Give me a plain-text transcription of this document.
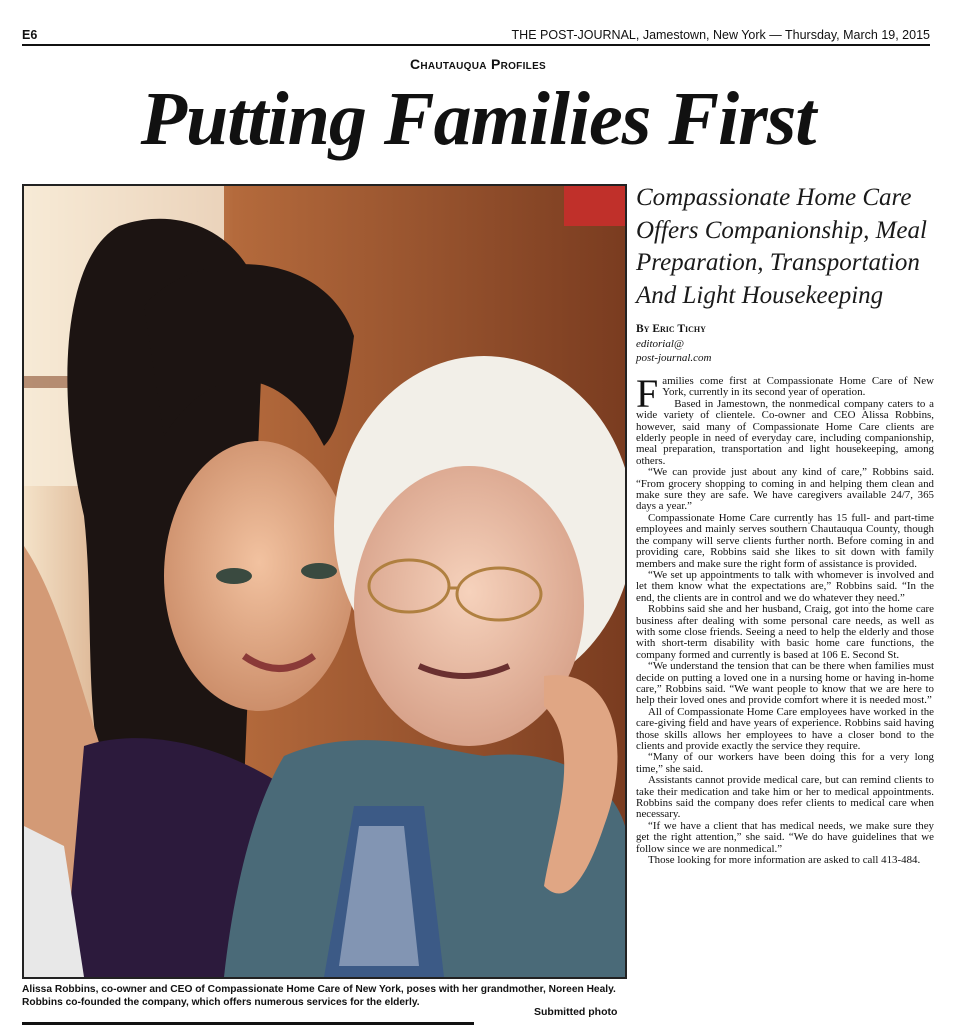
E6	THE POST-JOURNAL, Jamestown, New York — Thursday, March 19, 2015
Chautauqua Profiles
Putting Families First
Alissa Robbins, co-owner and CEO of Compassionate Home Care of New York, poses with her grandmother, Noreen Healy. Robbins co-founded the company, which offers numerous services for the elderly.
Submitted photo
Compassionate Home Care Offers Companionship, Meal Preparation, Transportation And Light Housekeeping
By Eric Tichy
editorial@
post-journal.com

Families come first at Compassionate Home Care of New York, currently in its second year of operation.

Based in Jamestown, the nonmedical company caters to a wide variety of clientele. Co-owner and CEO Alissa Robbins, however, said many of Compassionate Home Care clients are elderly people in need of everyday care, including companionship, meal preparation, transportation and light housekeeping, among others.

“We can provide just about any kind of care,” Robbins said. “From grocery shopping to coming in and helping them clean and make sure they are safe. We have caregivers available 24/7, 365 days a year.”

Compassionate Home Care currently has 15 full- and part-time employees and mainly serves southern Chautauqua County, though the company will serve clients further north. Before coming in and providing care, Robbins said she likes to sit down with family members and make sure the right form of assistance is provided.

“We set up appointments to talk with whomever is involved and let them know what the expectations are,” Robbins said. “In the end, the clients are in control and we do whatever they need.”

Robbins said she and her husband, Craig, got into the home care business after dealing with some personal care needs, as well as with some close friends. Seeing a need to help the elderly and those with short-term disability with basic home care functions, the company formed and currently is based at 106 E. Second St.

“We understand the tension that can be there when families must decide on putting a loved one in a nursing home or having in-home care,” Robbins said. “We want people to know that we are here to help their loved ones and provide comfort where it is needed most.”

All of Compassionate Home Care employees have worked in the care-giving field and have years of experience. Robbins said having those skills allows her employees to have a closer bond to the clients and provide exactly the service they require.

“Many of our workers have been doing this for a very long time,” she said.

Assistants cannot provide medical care, but can remind clients to take their medication and take him or her to medical appointments. Robbins said the company does refer clients to medical care when necessary.

“If we have a client that has medical needs, we make sure they get the right attention,” she said. “We do have guidelines that we follow since we are nonmedical.”

Those looking for more information are asked to call 413-484.
